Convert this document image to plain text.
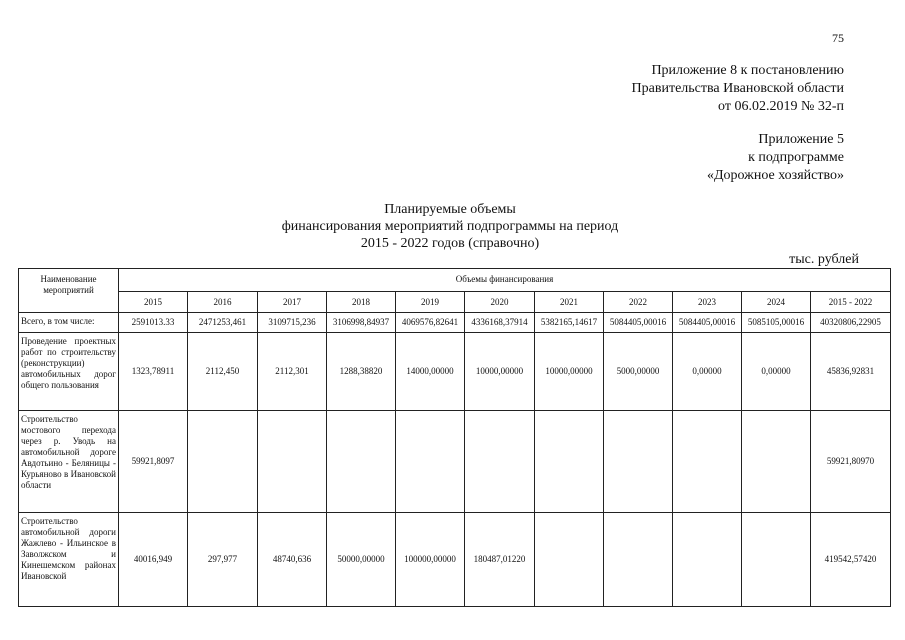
75
Приложение 8 к постановлению
Правительства Ивановской области
от 06.02.2019 № 32-п
Приложение 5
к подпрограмме
«Дорожное хозяйство»
Планируемые объемы
финансирования мероприятий подпрограммы на период
2015 - 2022 годов (справочно)
тыс. рублей
Наименование мероприятий	Объемы финансирования										
	2015	2016	2017	2018	2019	2020	2021	2022	2023	2024	2015 - 2022
Всего, в том числе:	2591013.33	2471253,461	3109715,236	3106998,84937	4069576,82641	4336168,37914	5382165,14617	5084405,00016	5084405,00016	5085105,00016	40320806,22905
Проведение проектных работ по строительству (реконструкции) автомобильных дорог общего пользования	1323,78911	2112,450	2112,301	1288,38820	14000,00000	10000,00000	10000,00000	5000,00000	0,00000	0,00000	45836,92831
Строительство мостового перехода через р. Уводь на автомобильной дороге Авдотьино - Беляницы - Курьяново в Ивановской области	59921,8097										59921,80970
Строительство автомобильной дороги Жажлево - Ильинское в Заволжском и Кинешемском районах Ивановской	40016,949	297,977	48740,636	50000,00000	100000,00000	180487,01220					419542,57420
